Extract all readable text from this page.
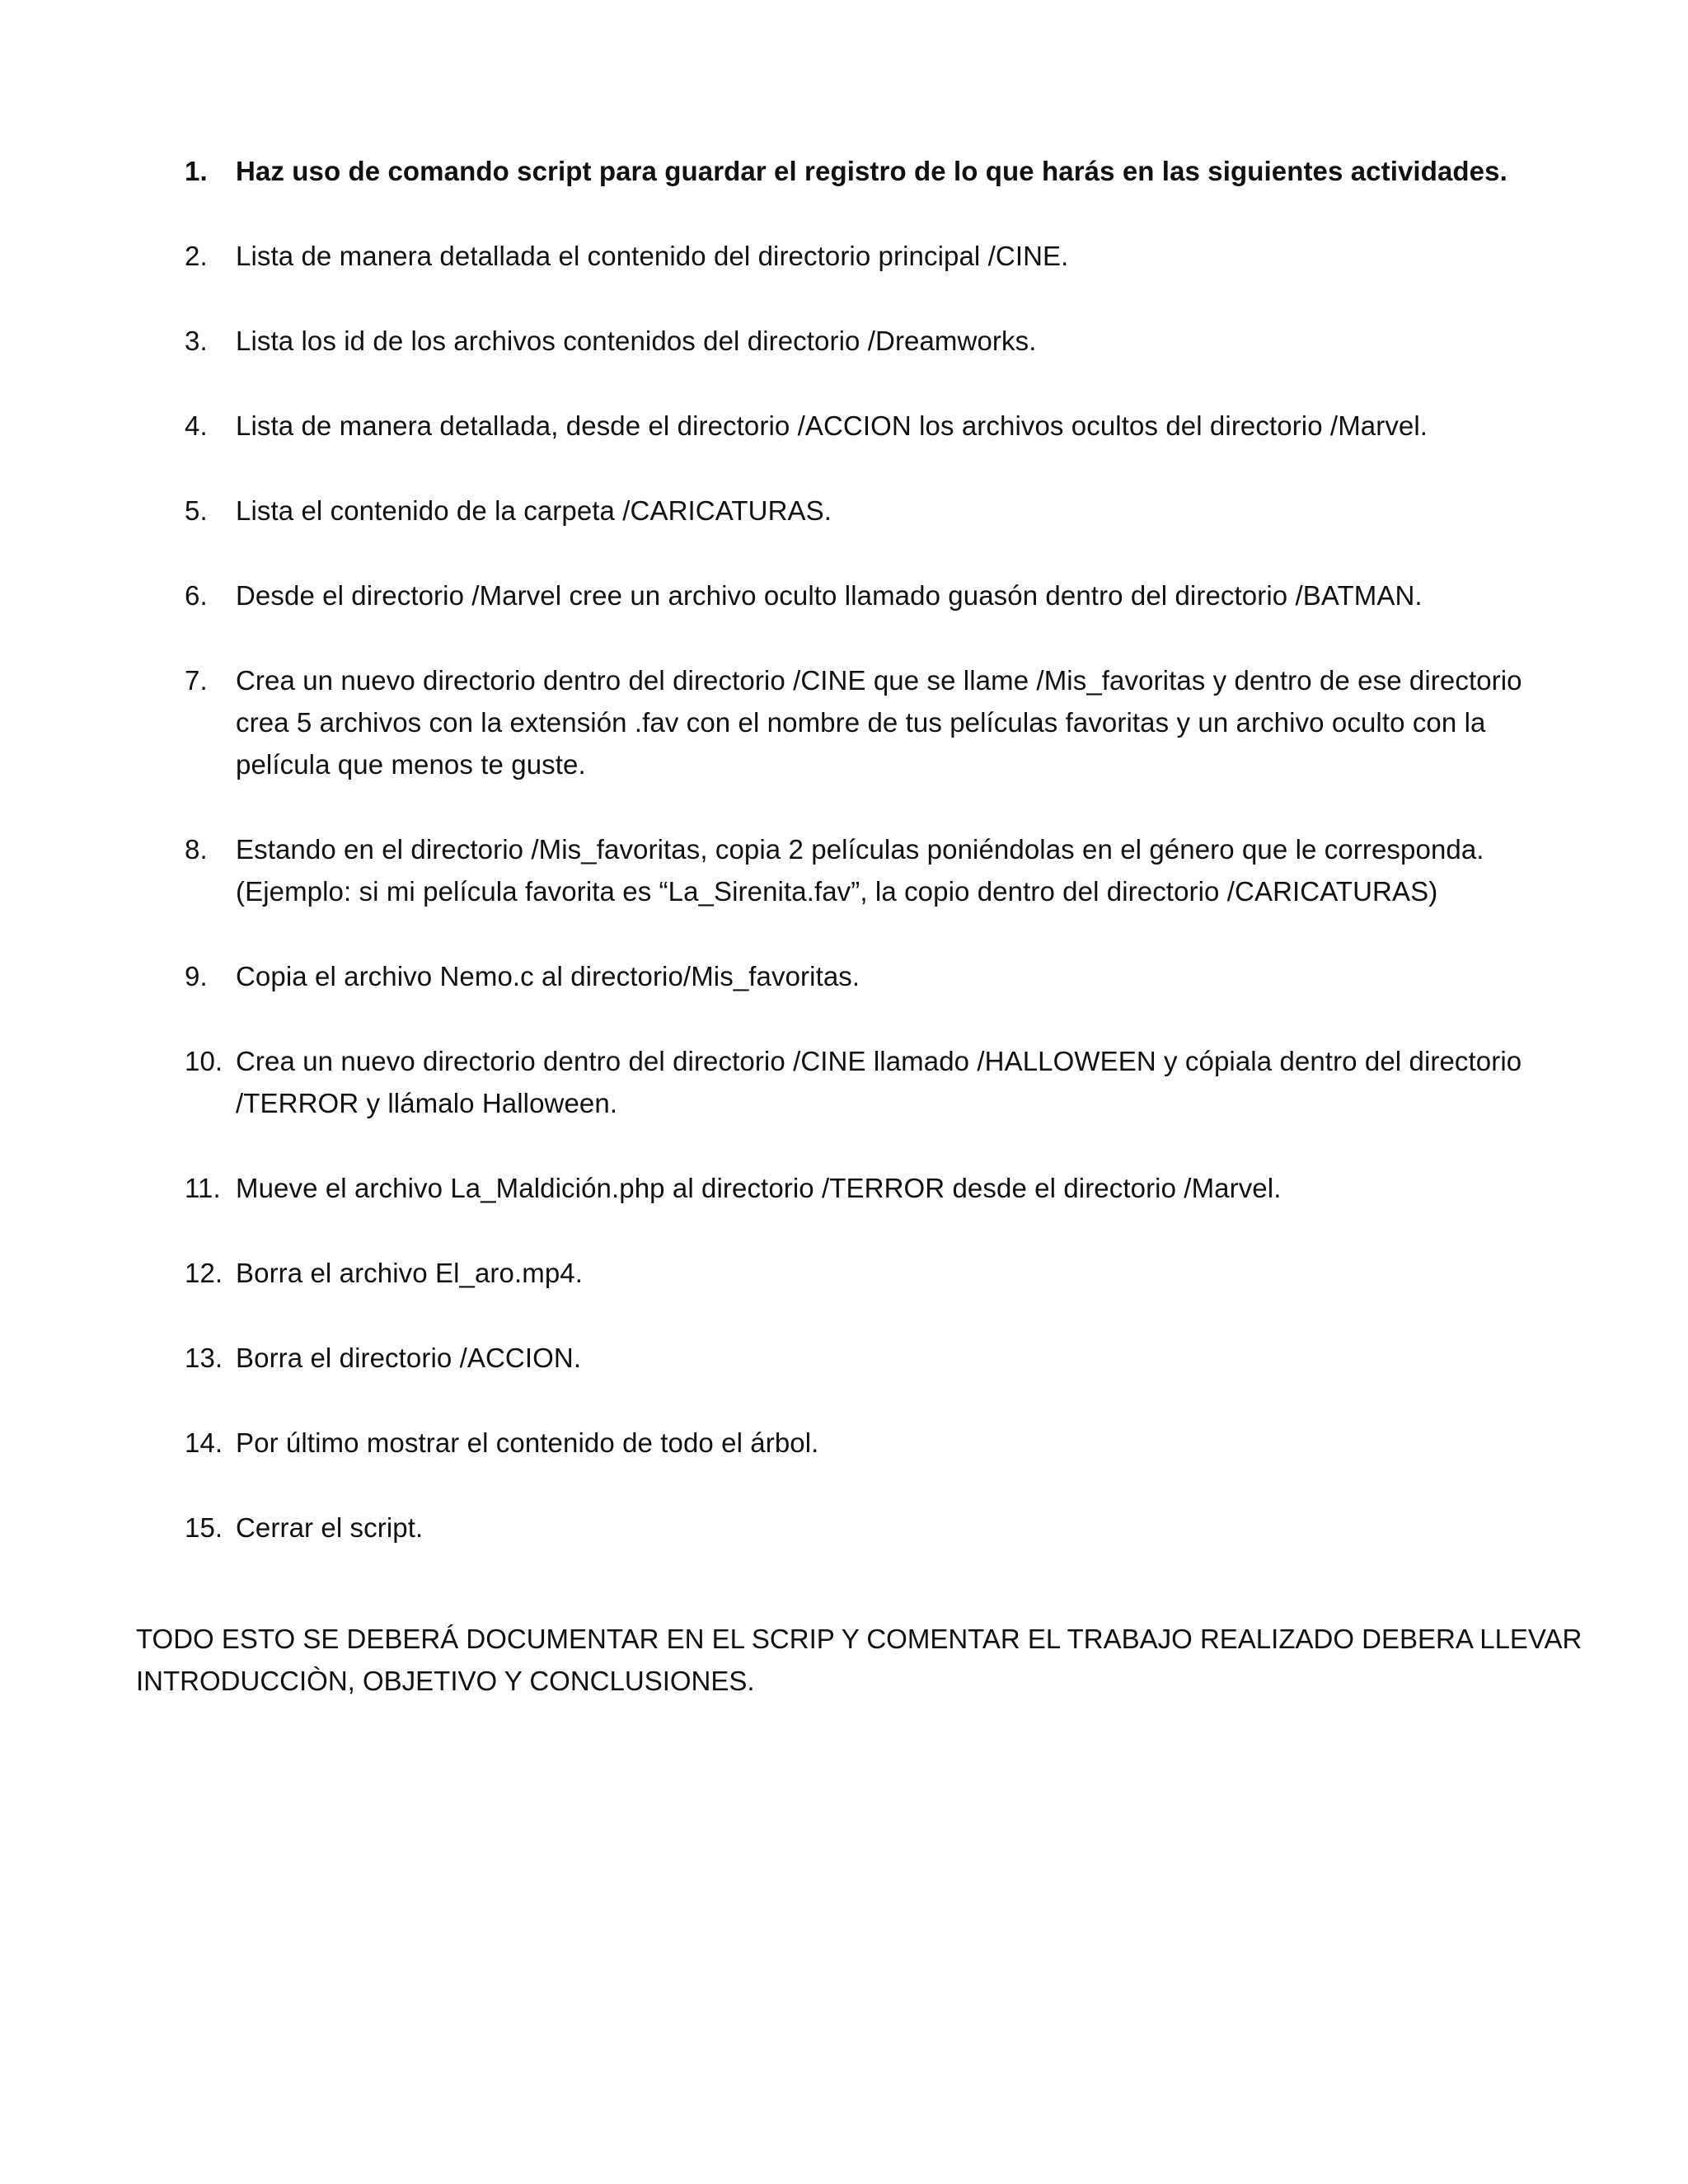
1.	Haz uso de comando script para guardar el registro de lo que harás en las siguientes actividades.
2.	Lista de manera detallada el contenido del directorio principal /CINE.
3.	Lista los id de los archivos contenidos del directorio /Dreamworks.
4.	Lista de manera detallada, desde el directorio /ACCION los archivos ocultos del directorio /Marvel.
5.	Lista el contenido de la carpeta /CARICATURAS.
6.	Desde el directorio /Marvel cree un archivo oculto llamado guasón dentro del directorio /BATMAN.
7.	Crea un nuevo directorio dentro del directorio /CINE que se llame /Mis_favoritas y dentro de ese directorio crea 5 archivos con la extensión .fav con el nombre de tus películas favoritas y un archivo oculto con la película que menos te guste.
8.	Estando en el directorio /Mis_favoritas, copia 2 películas poniéndolas en el género que le corresponda. (Ejemplo: si mi película favorita es “La_Sirenita.fav”, la copio dentro del directorio /CARICATURAS)
9.	Copia el archivo Nemo.c al directorio/Mis_favoritas.
10. Crea un nuevo directorio dentro del directorio /CINE llamado /HALLOWEEN y cópiala dentro del directorio /TERROR y llámalo Halloween.
11. Mueve el archivo La_Maldición.php al directorio /TERROR desde el directorio /Marvel.
12. Borra el archivo El_aro.mp4.
13. Borra el directorio /ACCION.
14. Por último mostrar el contenido de todo el árbol.
15. Cerrar el script.

TODO ESTO SE DEBERÁ DOCUMENTAR EN EL SCRIP Y COMENTAR EL TRABAJO REALIZADO DEBERA LLEVAR INTRODUCCIÒN, OBJETIVO Y CONCLUSIONES.
